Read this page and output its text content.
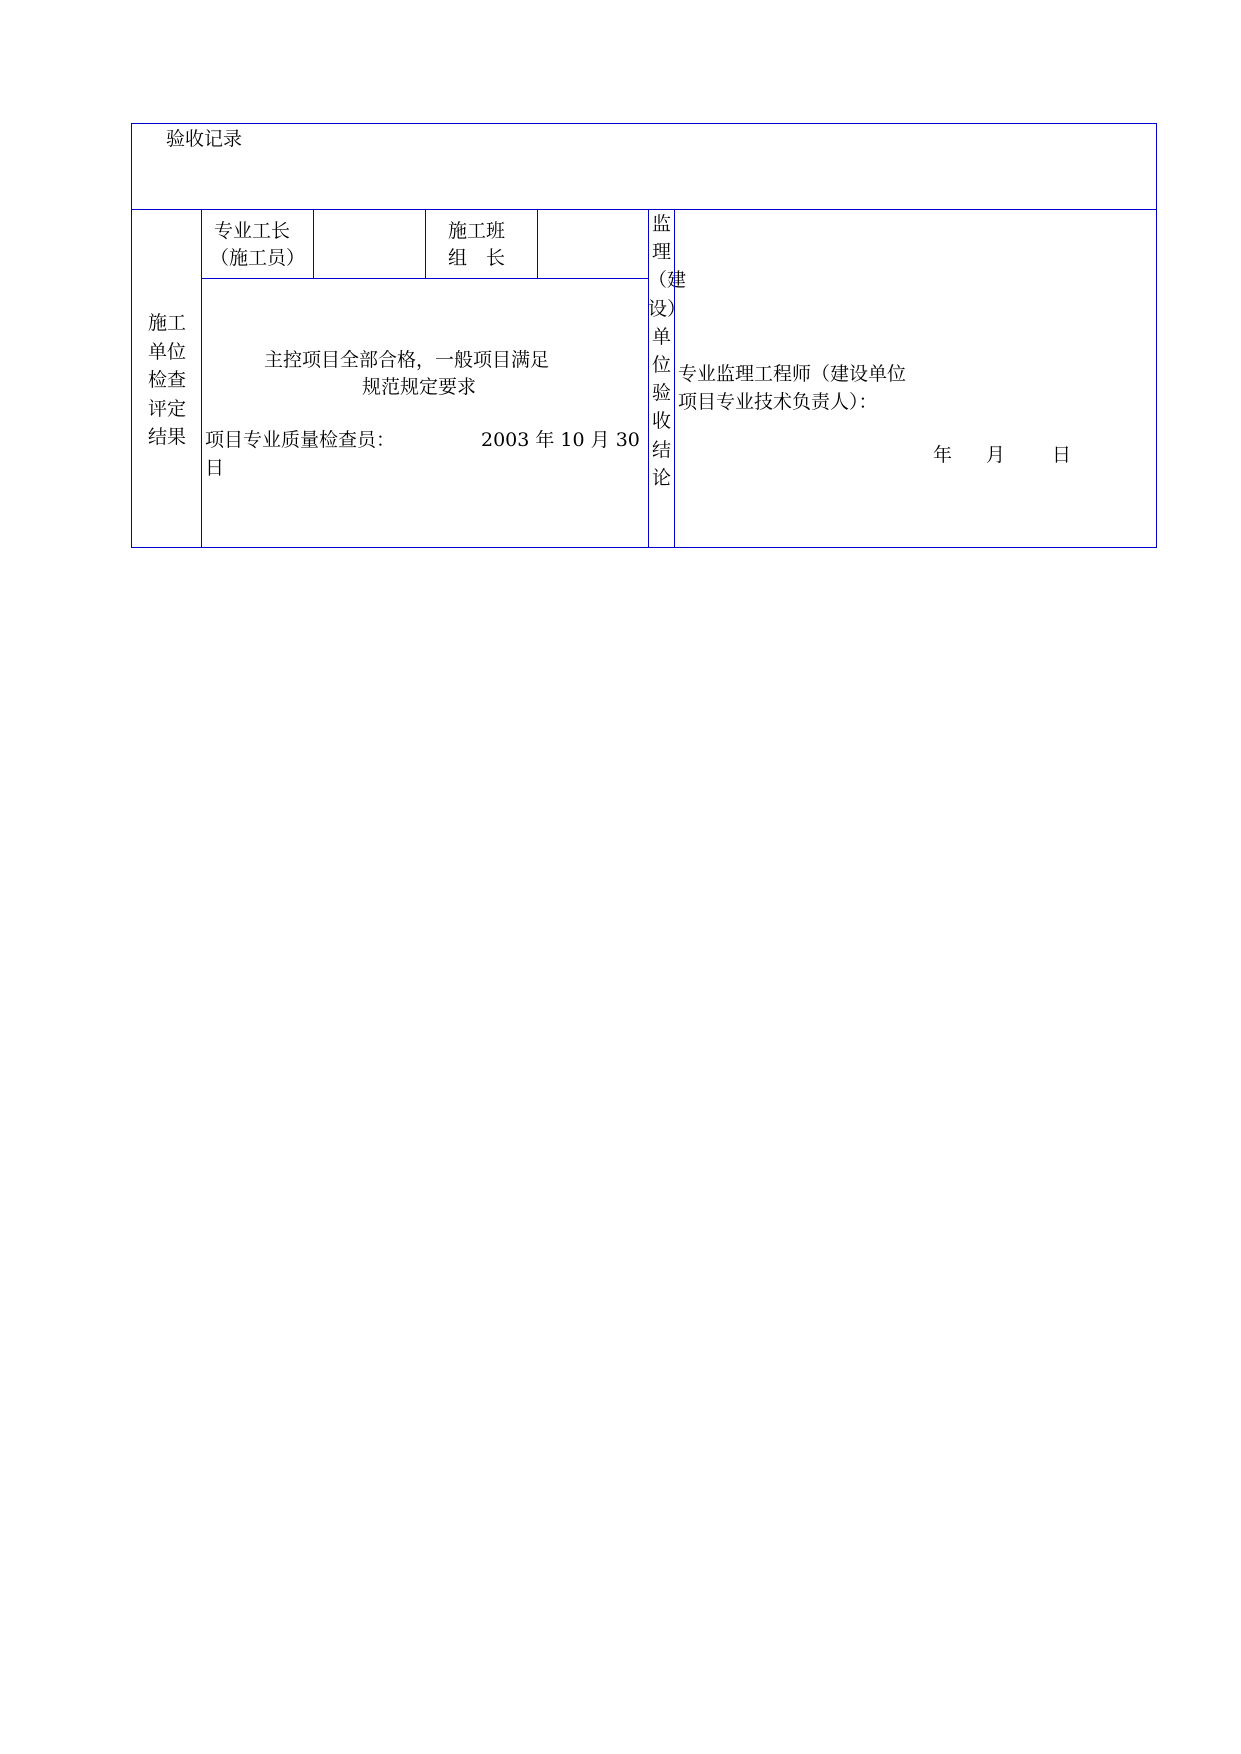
验收记录
施工单位检查评定结果
专业工长
（施工员）
施工班
组　长
主控项目全部合格，一般项目满足
规范规定要求
项目专业质量检查员：	2003 年 10 月 30
日
监理（建设）单位验收结论
专业监理工程师（建设单位
项目专业技术负责人）：
年 月 日
